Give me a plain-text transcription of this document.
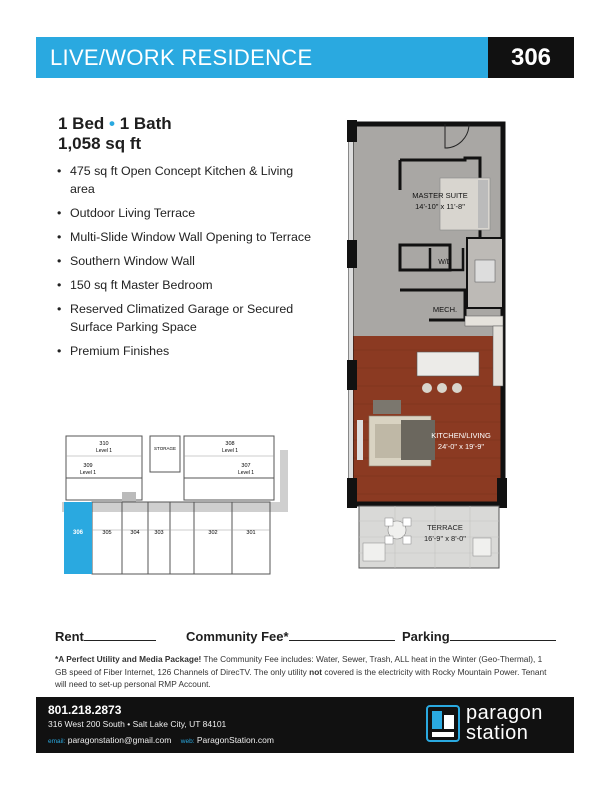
LIVE/WORK RESIDENCE	306
1 Bed • 1 Bath
1,058 sq ft
• 475 sq ft Open Concept Kitchen & Living area
• Outdoor Living Terrace
• Multi-Slide Window Wall Opening to Terrace
• Southern Window Wall
• 150 sq ft Master Bedroom
• Reserved Climatized Garage or Secured Surface Parking Space
• Premium Finishes
MASTER SUITE
14'-10" x 11'-8"
W/D
MECH.
KITCHEN/LIVING
24'-0" x 19'-9"
TERRACE
16'-9" x 8'-0"
310
Level 1
308
Level 1
309
Level 1
307
Level 1
STORAGE
306	305	304	303	302	301
Rent	Community Fee*	Parking
*A Perfect Utility and Media Package! The Community Fee includes: Water, Sewer, Trash, ALL heat in the Winter (Geo-Thermal), 1 GB speed of Fiber Internet, 126 Channels of DirecTV. The only utility not covered is the electricity with Rocky Mountain Power. Tenant will need to set-up personal RMP Account.
801.218.2873
316 West 200 South • Salt Lake City, UT 84101
email: paragonstation@gmail.com web: ParagonStation.com
paragon
station
